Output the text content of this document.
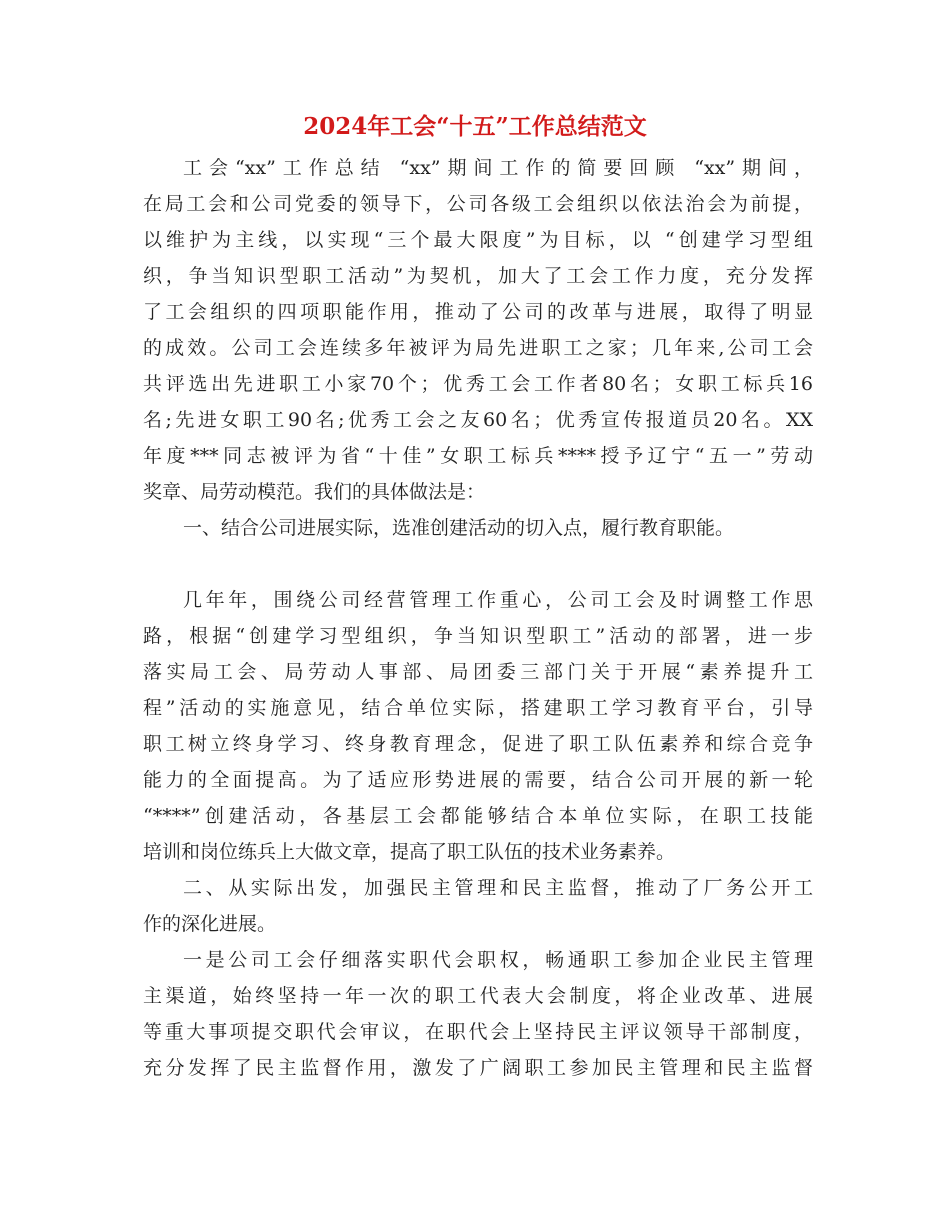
2024年工会“十五”工作总结范文
工会“xx”工作总结 “xx”期间工作的简要回顾 “xx”期间，
在局工会和公司党委的领导下，公司各级工会组织以依法治会为前提，
以维护为主线，以实现“三个最大限度”为目标，以 “创建学习型组
织，争当知识型职工活动”为契机，加大了工会工作力度，充分发挥
了工会组织的四项职能作用，推动了公司的改革与进展，取得了明显
的成效。公司工会连续多年被评为局先进职工之家；几年来,公司工会
共评选出先进职工小家70个；优秀工会工作者80名；女职工标兵16
名;先进女职工90名;优秀工会之友60名；优秀宣传报道员20名。XX
年度***同志被评为省“十佳”女职工标兵****授予辽宁“五一”劳动
奖章、局劳动模范。我们的具体做法是：
一、结合公司进展实际，选准创建活动的切入点，履行教育职能。
几年年，围绕公司经营管理工作重心，公司工会及时调整工作思
路，根据“创建学习型组织，争当知识型职工”活动的部署，进一步
落实局工会、局劳动人事部、局团委三部门关于开展“素养提升工
程”活动的实施意见，结合单位实际，搭建职工学习教育平台，引导
职工树立终身学习、终身教育理念，促进了职工队伍素养和综合竞争
能力的全面提高。为了适应形势进展的需要，结合公司开展的新一轮
“****”创建活动，各基层工会都能够结合本单位实际，在职工技能
培训和岗位练兵上大做文章，提高了职工队伍的技术业务素养。
二、从实际出发，加强民主管理和民主监督，推动了厂务公开工
作的深化进展。
一是公司工会仔细落实职代会职权，畅通职工参加企业民主管理
主渠道，始终坚持一年一次的职工代表大会制度，将企业改革、进展
等重大事项提交职代会审议，在职代会上坚持民主评议领导干部制度，
充分发挥了民主监督作用，激发了广阔职工参加民主管理和民主监督
